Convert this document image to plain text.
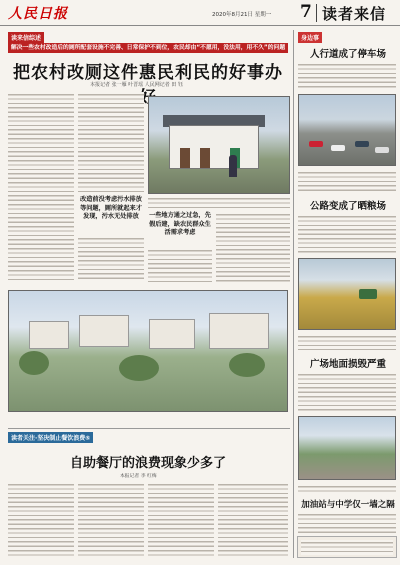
人民日报	2020年8月21日 星期一 7 读者来信
读来信综述
解决一些农村改造后的厕所配套设施不完善、日常保护不到位，农民却由“不愿用，没法用，用不久”的问题
把农村改厕这件惠民利民的好事办
本报记者 张一雁 叶晋瑶 人民网记者 田 钰
改造前没考虑污水排放等问题，厕所就起来才发现，污水无处排放	一些地方通之过急，先假后建，缺农民群众生活需求考虑
读者关注·坚决制止餐饮浪费⑤
自助餐厅的浪费现象少多了
本报记者 李 红梅
身边事
人行道成了停车场
公路变成了晒粮场
广场地面损毁严重
加油站与中学仅一墙之隔
